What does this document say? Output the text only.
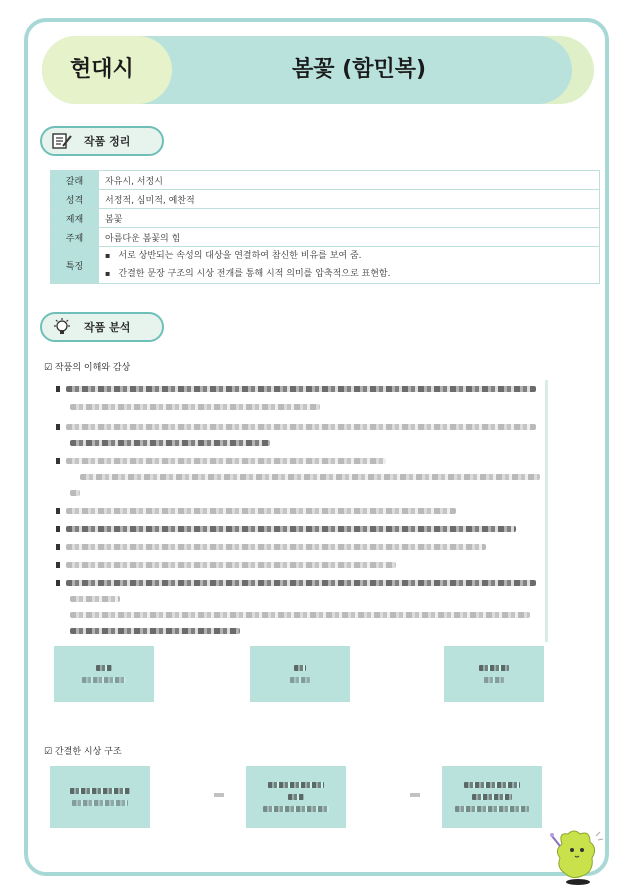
현대시	봄꽃 (함민복)
작품 정리
갈래	자유시, 서정시
성격	서정적, 심미적, 예찬적
제재	봄꽃
주제	아름다운 봄꽃의 힘
특징	▪ 서로 상반되는 속성의 대상을 연결하여 참신한 비유를 보여 줌.
▪ 간결한 문장 구조의 시상 전개를 통해 시적 의미를 압축적으로 표현함.
작품 분석
☑ 작품의 이해와 감상
☑ 간결한 시상 구조
